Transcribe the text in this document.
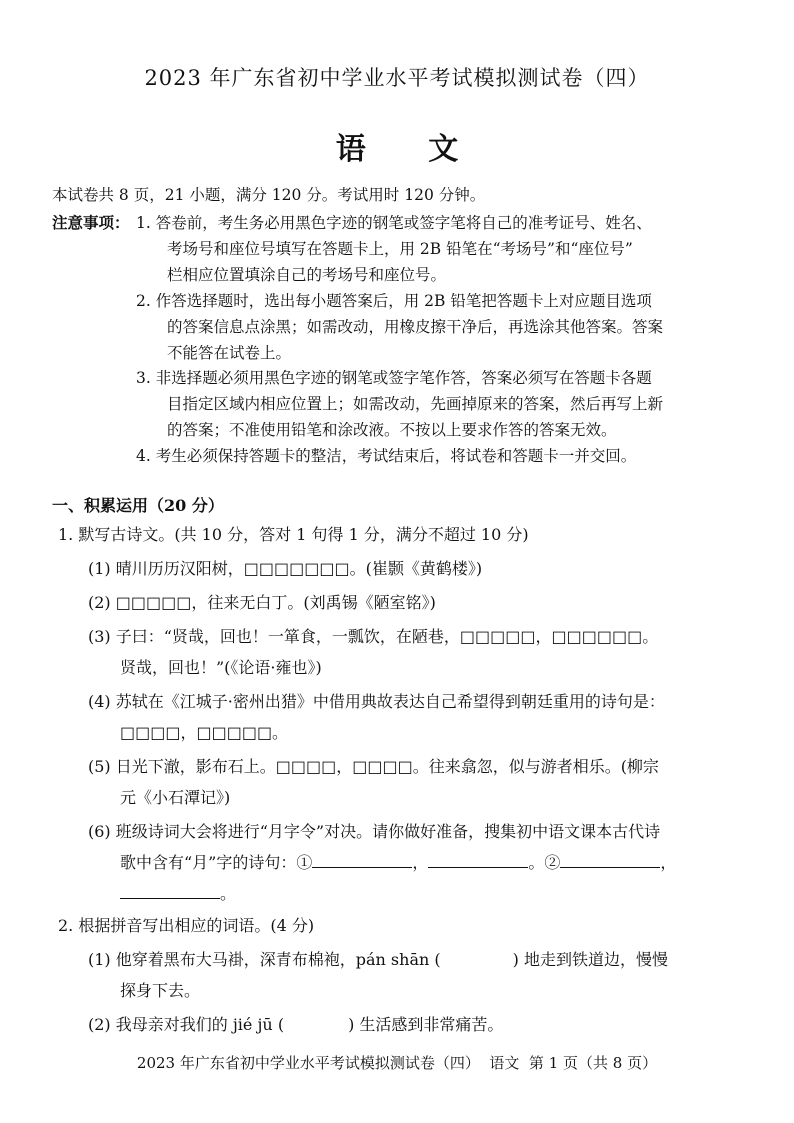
2023 年广东省初中学业水平考试模拟测试卷（四）
语 文
本试卷共 8 页，21 小题，满分 120 分。考试用时 120 分钟。
注意事项： 1. 答卷前，考生务必用黑色字迹的钢笔或签字笔将自己的准考证号、姓名、
考场号和座位号填写在答题卡上，用 2B 铅笔在“考场号”和“座位号”
栏相应位置填涂自己的考场号和座位号。
2. 作答选择题时，选出每小题答案后，用 2B 铅笔把答题卡上对应题目选项
的答案信息点涂黑；如需改动，用橡皮擦干净后，再选涂其他答案。答案
不能答在试卷上。
3. 非选择题必须用黑色字迹的钢笔或签字笔作答，答案必须写在答题卡各题
目指定区域内相应位置上；如需改动，先画掉原来的答案，然后再写上新
的答案；不准使用铅笔和涂改液。不按以上要求作答的答案无效。
4. 考生必须保持答题卡的整洁，考试结束后，将试卷和答题卡一并交回。
一、积累运用（20 分）
1. 默写古诗文。(共 10 分，答对 1 句得 1 分，满分不超过 10 分)
(1) 晴川历历汉阳树，□□□□□□□。(崔颢《黄鹤楼》)
(2) □□□□□，往来无白丁。(刘禹锡《陋室铭》)
(3) 子曰：“贤哉，回也！一箪食，一瓢饮，在陋巷，□□□□□，□□□□□□。
贤哉，回也！”(《论语·雍也》)
(4) 苏轼在《江城子·密州出猎》中借用典故表达自己希望得到朝廷重用的诗句是：
□□□□，□□□□□。
(5) 日光下澈，影布石上。□□□□，□□□□。往来翕忽，似与游者相乐。(柳宗
元《小石潭记》)
(6) 班级诗词大会将进行“月字令”对决。请你做好准备，搜集初中语文课本古代诗
歌中含有“月”字的诗句：①	，	。②	，
。
2. 根据拼音写出相应的词语。(4 分)
(1) 他穿着黑布大马褂，深青布棉袍，pán shān (	) 地走到铁道边，慢慢
探身下去。
(2) 我母亲对我们的 jié jū (	) 生活感到非常痛苦。
2023 年广东省初中学业水平考试模拟测试卷（四）  语文  第 1 页（共 8 页）
